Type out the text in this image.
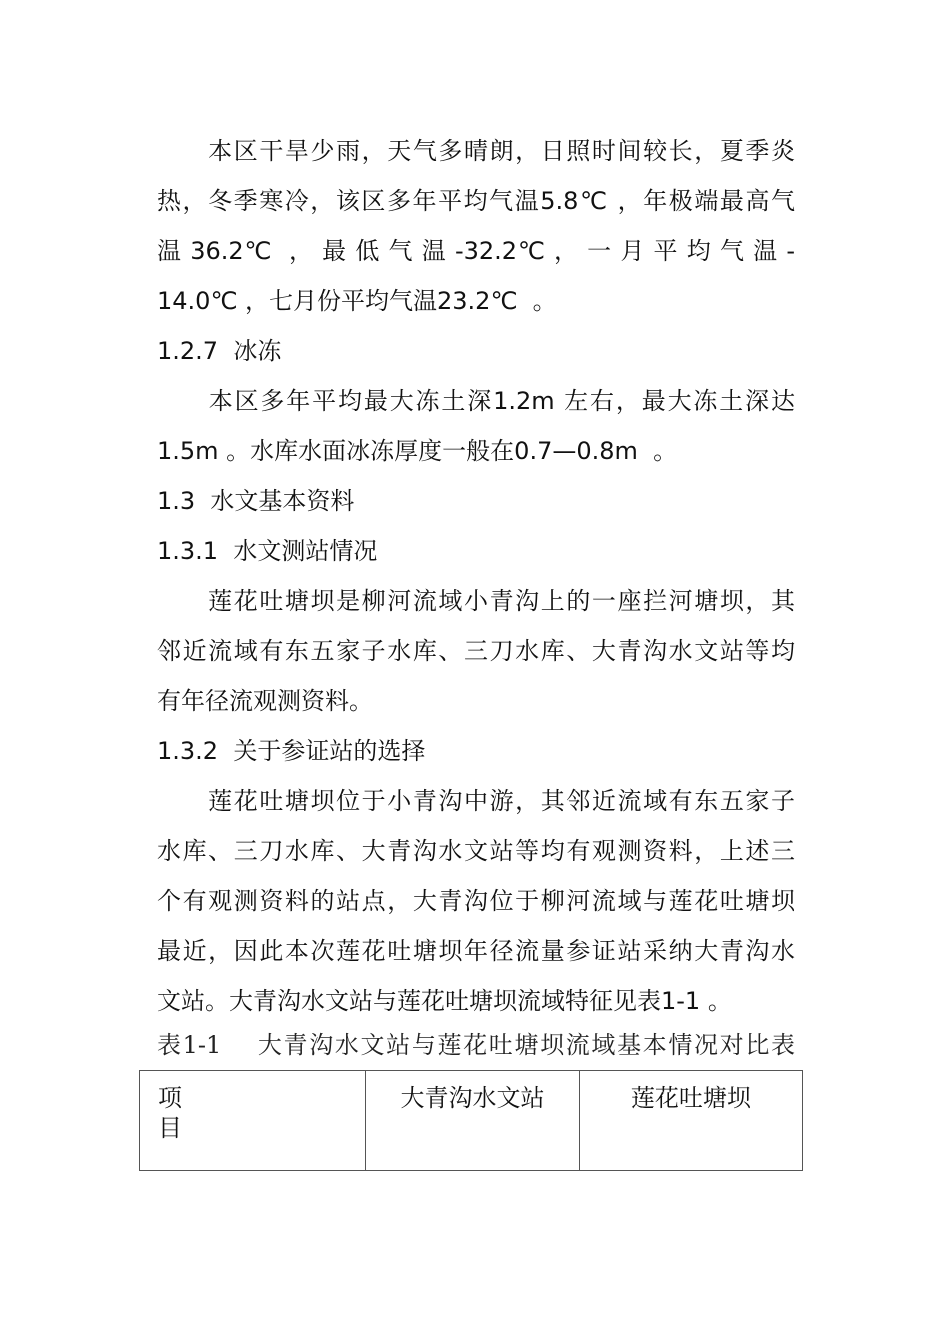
　　本区干旱少雨，天气多晴朗，日照时间较长，夏季炎
热，冬季寒冷，该区多年平均气温5.8℃ ，年极端最高气
温 36.2℃  ， 最 低 气 温 -32.2℃ ， 一 月 平 均 气 温 -
14.0℃ ，七月份平均气温23.2℃  。
1.2.7  冰冻
　　本区多年平均最大冻土深1.2m 左右，最大冻土深达
1.5m 。水库水面冰冻厚度一般在0.7—0.8m  。
1.3  水文基本资料
1.3.1  水文测站情况
　　莲花吐塘坝是柳河流域小青沟上的一座拦河塘坝，其
邻近流域有东五家子水库、三刀水库、大青沟水文站等均
有年径流观测资料。
1.3.2  关于参证站的选择
　　莲花吐塘坝位于小青沟中游，其邻近流域有东五家子
水库、三刀水库、大青沟水文站等均有观测资料，上述三
个有观测资料的站点，大青沟位于柳河流域与莲花吐塘坝
最近，因此本次莲花吐塘坝年径流量参证站采纳大青沟水
文站。大青沟水文站与莲花吐塘坝流域特征见表1-1 。
表1-1　 大青沟水文站与莲花吐塘坝流域基本情况对比表
项
目

大青沟水文站	莲花吐塘坝
